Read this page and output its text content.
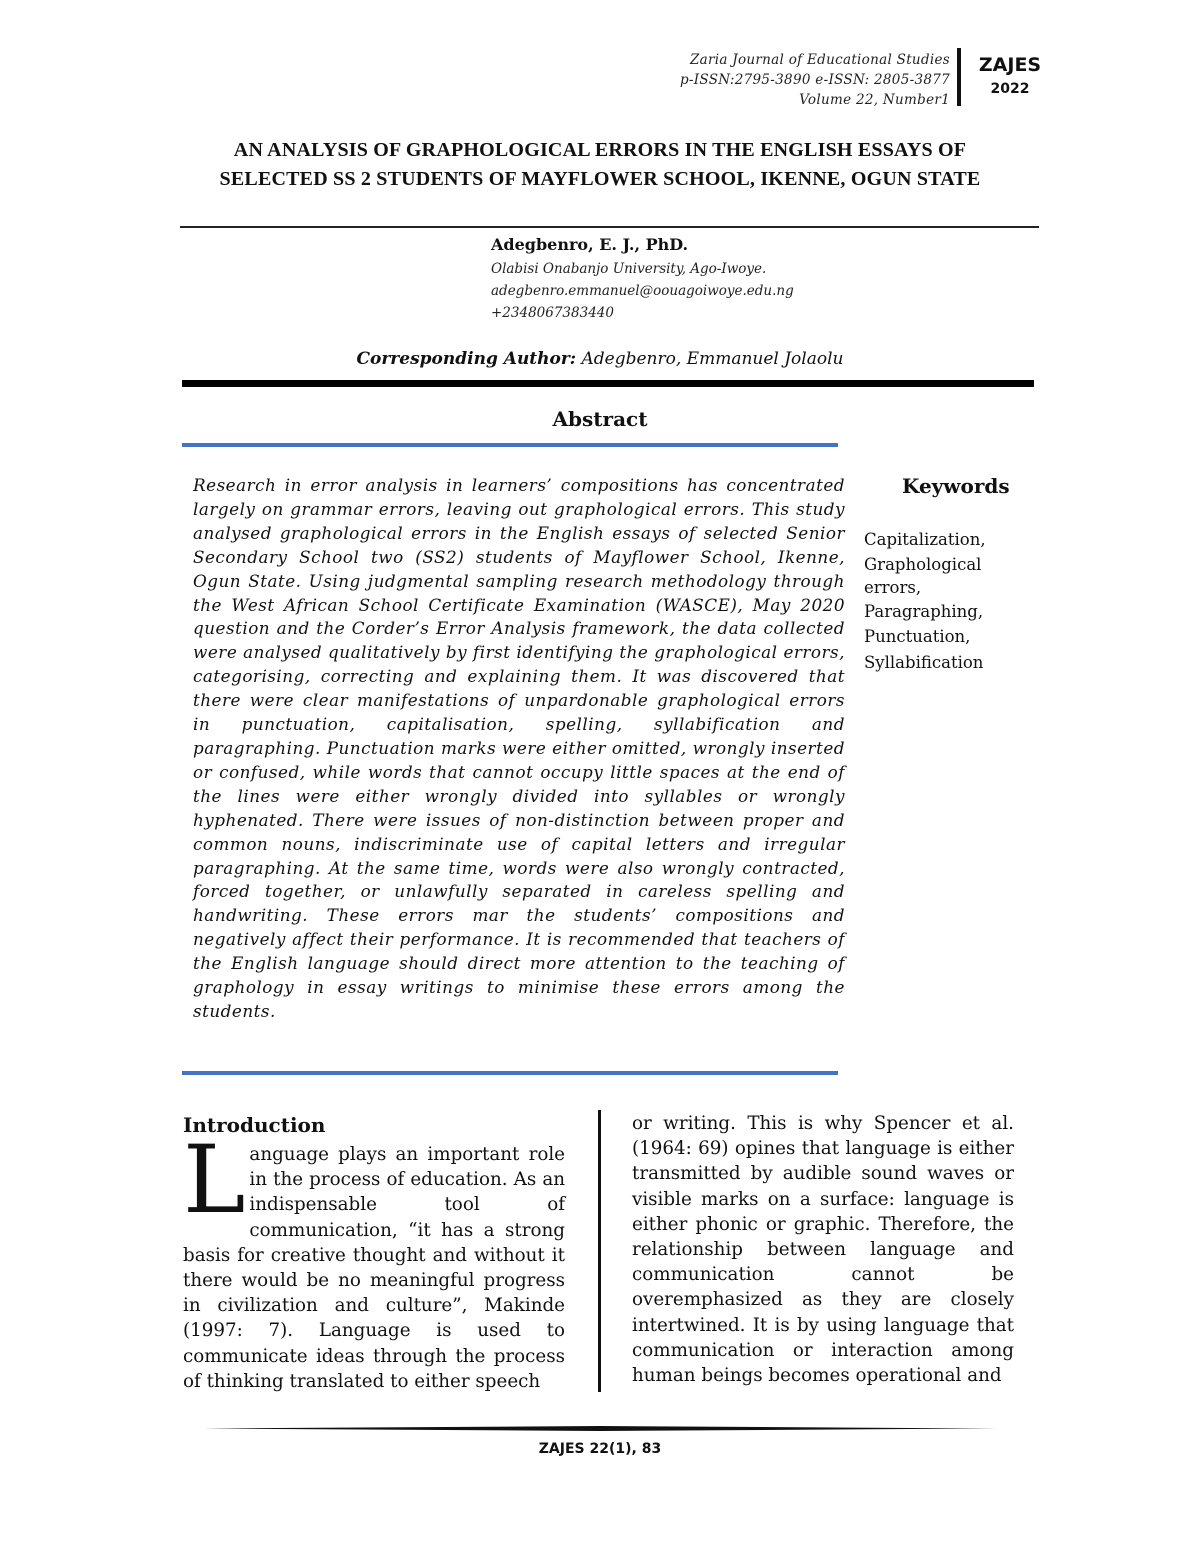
Zaria Journal of Educational Studies
p-ISSN:2795-3890 e-ISSN: 2805-3877
Volume 22, Number1
ZAJES
2022
AN ANALYSIS OF GRAPHOLOGICAL ERRORS IN THE ENGLISH ESSAYS OF SELECTED SS 2 STUDENTS OF MAYFLOWER SCHOOL, IKENNE, OGUN STATE
Adegbenro, E. J., PhD.
Olabisi Onabanjo University, Ago-Iwoye.
adegbenro.emmanuel@oouagoiwoye.edu.ng
+2348067383440
Corresponding Author: Adegbenro, Emmanuel Jolaolu
Abstract
Research in error analysis in learners’ compositions has concentrated largely on grammar errors, leaving out graphological errors. This study analysed graphological errors in the English essays of selected Senior Secondary School two (SS2) students of Mayflower School, Ikenne, Ogun State. Using judgmental sampling research methodology through the West African School Certificate Examination (WASCE), May 2020 question and the Corder’s Error Analysis framework, the data collected were analysed qualitatively by first identifying the graphological errors, categorising, correcting and explaining them. It was discovered that there were clear manifestations of unpardonable graphological errors in punctuation, capitalisation, spelling, syllabification and paragraphing. Punctuation marks were either omitted, wrongly inserted or confused, while words that cannot occupy little spaces at the end of the lines were either wrongly divided into syllables or wrongly hyphenated. There were issues of non-distinction between proper and common nouns, indiscriminate use of capital letters and irregular paragraphing. At the same time, words were also wrongly contracted, forced together, or unlawfully separated in careless spelling and handwriting. These errors mar the students’ compositions and negatively affect their performance. It is recommended that teachers of the English language should direct more attention to the teaching of graphology in essay writings to minimise these errors among the students.
Keywords
Capitalization,
Graphological
errors,
Paragraphing,
Punctuation,
Syllabification
Introduction
Language plays an important role in the process of education. As an indispensable tool of communication, “it has a strong basis for creative thought and without it there would be no meaningful progress in civilization and culture”, Makinde (1997: 7). Language is used to communicate ideas through the process of thinking translated to either speech
or writing. This is why Spencer et al. (1964: 69) opines that language is either transmitted by audible sound waves or visible marks on a surface: language is either phonic or graphic. Therefore, the relationship between language and communication cannot be overemphasized as they are closely intertwined. It is by using language that communication or interaction among human beings becomes operational and
ZAJES 22(1), 83
